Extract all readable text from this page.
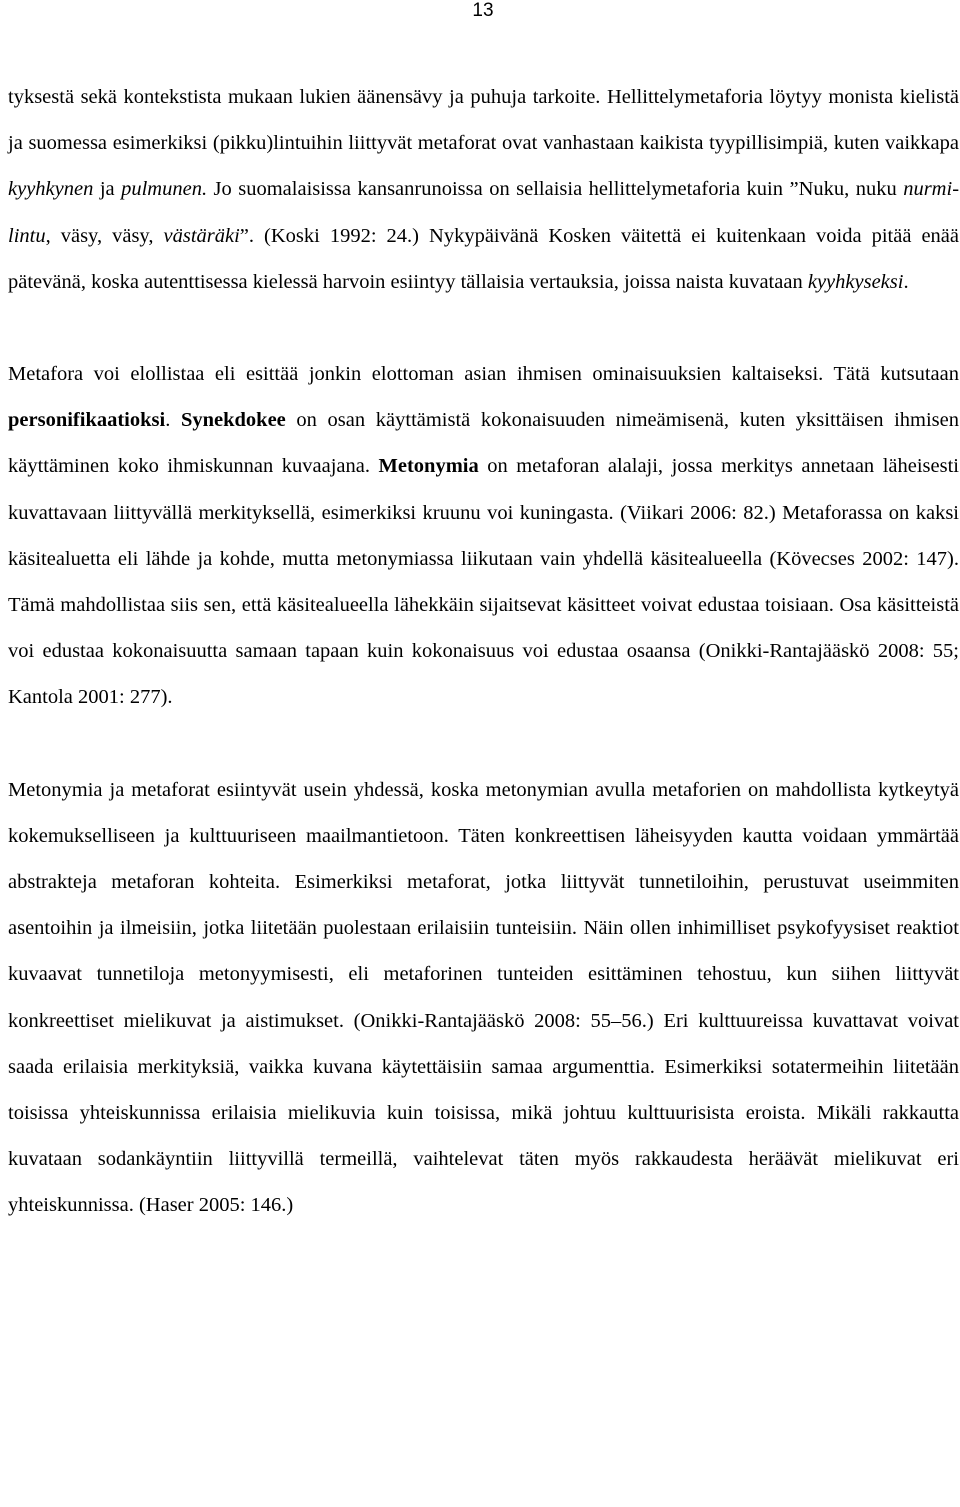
13

tyksestä sekä kontekstista mukaan lukien äänensävy ja puhuja tarkoite. Hellittelymetaforia löytyy monista kielistä ja suomessa esimerkiksi (pikku)lintuihin liittyvät metaforat ovat vanhastaan kaikista tyypillisimpiä, kuten vaikkapa kyyhkynen ja pulmunen. Jo suomalaisissa kansanrunoissa on sellaisia hellittelymetaforia kuin ”Nuku, nuku nurmilintu, väsy, väsy, västäräki”. (Koski 1992: 24.) Nykypäivänä Kosken väitettä ei kuitenkaan voida pitää enää pätevänä, koska autenttisessa kielessä harvoin esiintyy tällaisia vertauksia, joissa naista kuvataan kyyhkyseksi.

Metafora voi elollistaa eli esittää jonkin elottoman asian ihmisen ominaisuuksien kaltaiseksi. Tätä kutsutaan personifikaatioksi. Synekdokee on osan käyttämistä kokonaisuuden nimeämisenä, kuten yksittäisen ihmisen käyttäminen koko ihmiskunnan kuvaajana. Metonymia on metaforan alalaji, jossa merkitys annetaan läheisesti kuvattavaan liittyvällä merkityksellä, esimerkiksi kruunu voi kuningasta. (Viikari 2006: 82.) Metaforassa on kaksi käsitealuetta eli lähde ja kohde, mutta metonymiassa liikutaan vain yhdellä käsitealueella (Kövecses 2002: 147). Tämä mahdollistaa siis sen, että käsitealueella lähekkäin sijaitsevat käsitteet voivat edustaa toisiaan. Osa käsitteistä voi edustaa kokonaisuutta samaan tapaan kuin kokonaisuus voi edustaa osaansa (Onikki-Rantajääskö 2008: 55; Kantola 2001: 277).

Metonymia ja metaforat esiintyvät usein yhdessä, koska metonymian avulla metaforien on mahdollista kytkeytyä kokemukselliseen ja kulttuuriseen maailmantietoon. Täten konkreettisen läheisyyden kautta voidaan ymmärtää abstrakteja metaforan kohteita. Esimerkiksi metaforat, jotka liittyvät tunnetiloihin, perustuvat useimmiten asentoihin ja ilmeisiin, jotka liitetään puolestaan erilaisiin tunteisiin. Näin ollen inhimilliset psykofyysiset reaktiot kuvaavat tunnetiloja metonyymisesti, eli metaforinen tunteiden esittäminen tehostuu, kun siihen liittyvät konkreettiset mielikuvat ja aistimukset. (Onikki-Rantajääskö 2008: 55–56.) Eri kulttuureissa kuvattavat voivat saada erilaisia merkityksiä, vaikka kuvana käytettäisiin samaa argumenttia. Esimerkiksi sotatermeihin liitetään toisissa yhteiskunnissa erilaisia mielikuvia kuin toisissa, mikä johtuu kulttuurisista eroista. Mikäli rakkautta kuvataan sodankäyntiin liittyvillä termeillä, vaihtelevat täten myös rakkaudesta heräävät mielikuvat eri yhteiskunnissa. (Haser 2005: 146.)
